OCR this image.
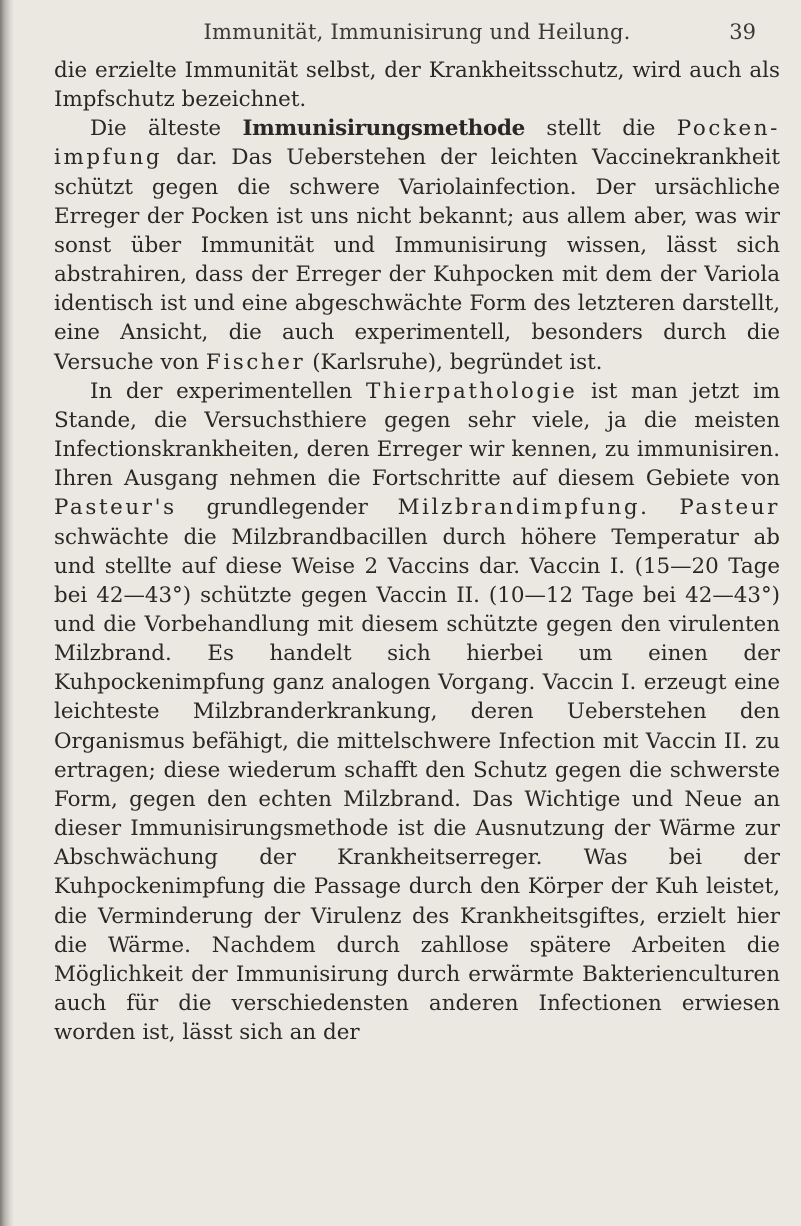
Immunität, Immunisirung und Heilung.	39

die erzielte Immunität selbst, der Krankheitsschutz, wird auch als Impfschutz bezeichnet.

Die älteste Immunisirungsmethode stellt die Pocken-impfung dar. Das Ueberstehen der leichten Vaccinekrankheit schützt gegen die schwere Variolainfection. Der ursächliche Erreger der Pocken ist uns nicht bekannt; aus allem aber, was wir sonst über Immunität und Immunisirung wissen, lässt sich abstrahiren, dass der Erreger der Kuhpocken mit dem der Variola identisch ist und eine abgeschwächte Form des letzteren darstellt, eine Ansicht, die auch experimentell, besonders durch die Versuche von Fischer (Karlsruhe), begründet ist.

In der experimentellen Thierpathologie ist man jetzt im Stande, die Versuchsthiere gegen sehr viele, ja die meisten Infectionskrankheiten, deren Erreger wir kennen, zu immunisiren. Ihren Ausgang nehmen die Fortschritte auf diesem Gebiete von Pasteur's grundlegender Milzbrandimpfung. Pasteur schwächte die Milzbrandbacillen durch höhere Temperatur ab und stellte auf diese Weise 2 Vaccins dar. Vaccin I. (15—20 Tage bei 42—43°) schützte gegen Vaccin II. (10—12 Tage bei 42—43°) und die Vorbehandlung mit diesem schützte gegen den virulenten Milzbrand. Es handelt sich hierbei um einen der Kuhpockenimpfung ganz analogen Vorgang. Vaccin I. erzeugt eine leichteste Milzbranderkrankung, deren Ueberstehen den Organismus befähigt, die mittelschwere Infection mit Vaccin II. zu ertragen; diese wiederum schafft den Schutz gegen die schwerste Form, gegen den echten Milzbrand. Das Wichtige und Neue an dieser Immunisirungsmethode ist die Ausnutzung der Wärme zur Abschwächung der Krankheitserreger. Was bei der Kuhpockenimpfung die Passage durch den Körper der Kuh leistet, die Verminderung der Virulenz des Krankheitsgiftes, erzielt hier die Wärme. Nachdem durch zahllose spätere Arbeiten die Möglichkeit der Immunisirung durch erwärmte Bakterienculturen auch für die verschiedensten anderen Infectionen erwiesen worden ist, lässt sich an der
